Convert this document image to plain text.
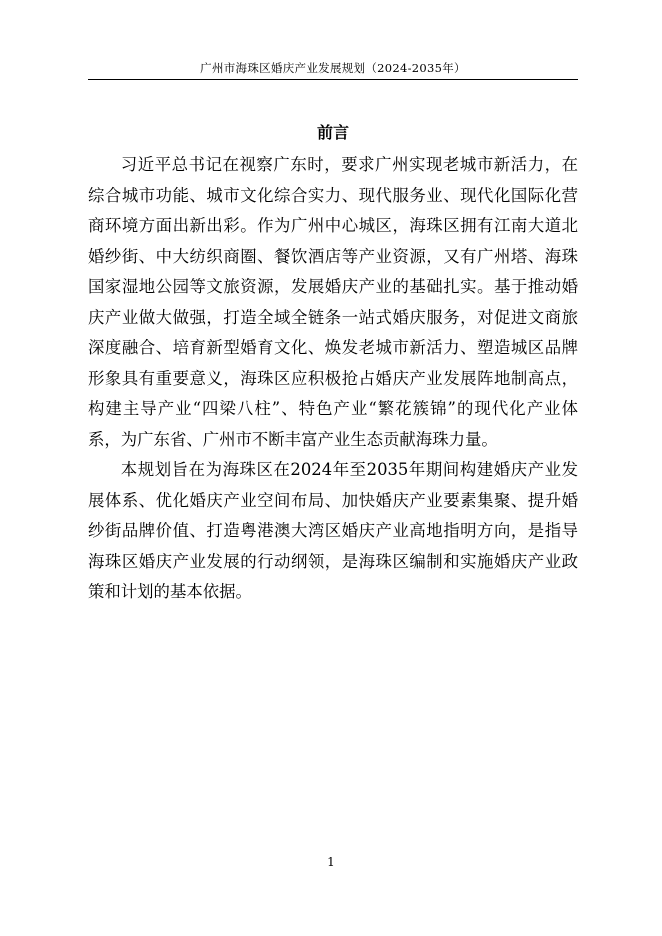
广州市海珠区婚庆产业发展规划（2024-2035年）
前言

习近平总书记在视察广东时，要求广州实现老城市新活力，在综合城市功能、城市文化综合实力、现代服务业、现代化国际化营商环境方面出新出彩。作为广州中心城区，海珠区拥有江南大道北婚纱街、中大纺织商圈、餐饮酒店等产业资源，又有广州塔、海珠国家湿地公园等文旅资源，发展婚庆产业的基础扎实。基于推动婚庆产业做大做强，打造全域全链条一站式婚庆服务，对促进文商旅深度融合、培育新型婚育文化、焕发老城市新活力、塑造城区品牌形象具有重要意义，海珠区应积极抢占婚庆产业发展阵地制高点，构建主导产业“四梁八柱”、特色产业“繁花簇锦”的现代化产业体系，为广东省、广州市不断丰富产业生态贡献海珠力量。

本规划旨在为海珠区在2024年至2035年期间构建婚庆产业发展体系、优化婚庆产业空间布局、加快婚庆产业要素集聚、提升婚纱街品牌价值、打造粤港澳大湾区婚庆产业高地指明方向，是指导海珠区婚庆产业发展的行动纲领，是海珠区编制和实施婚庆产业政策和计划的基本依据。

1
